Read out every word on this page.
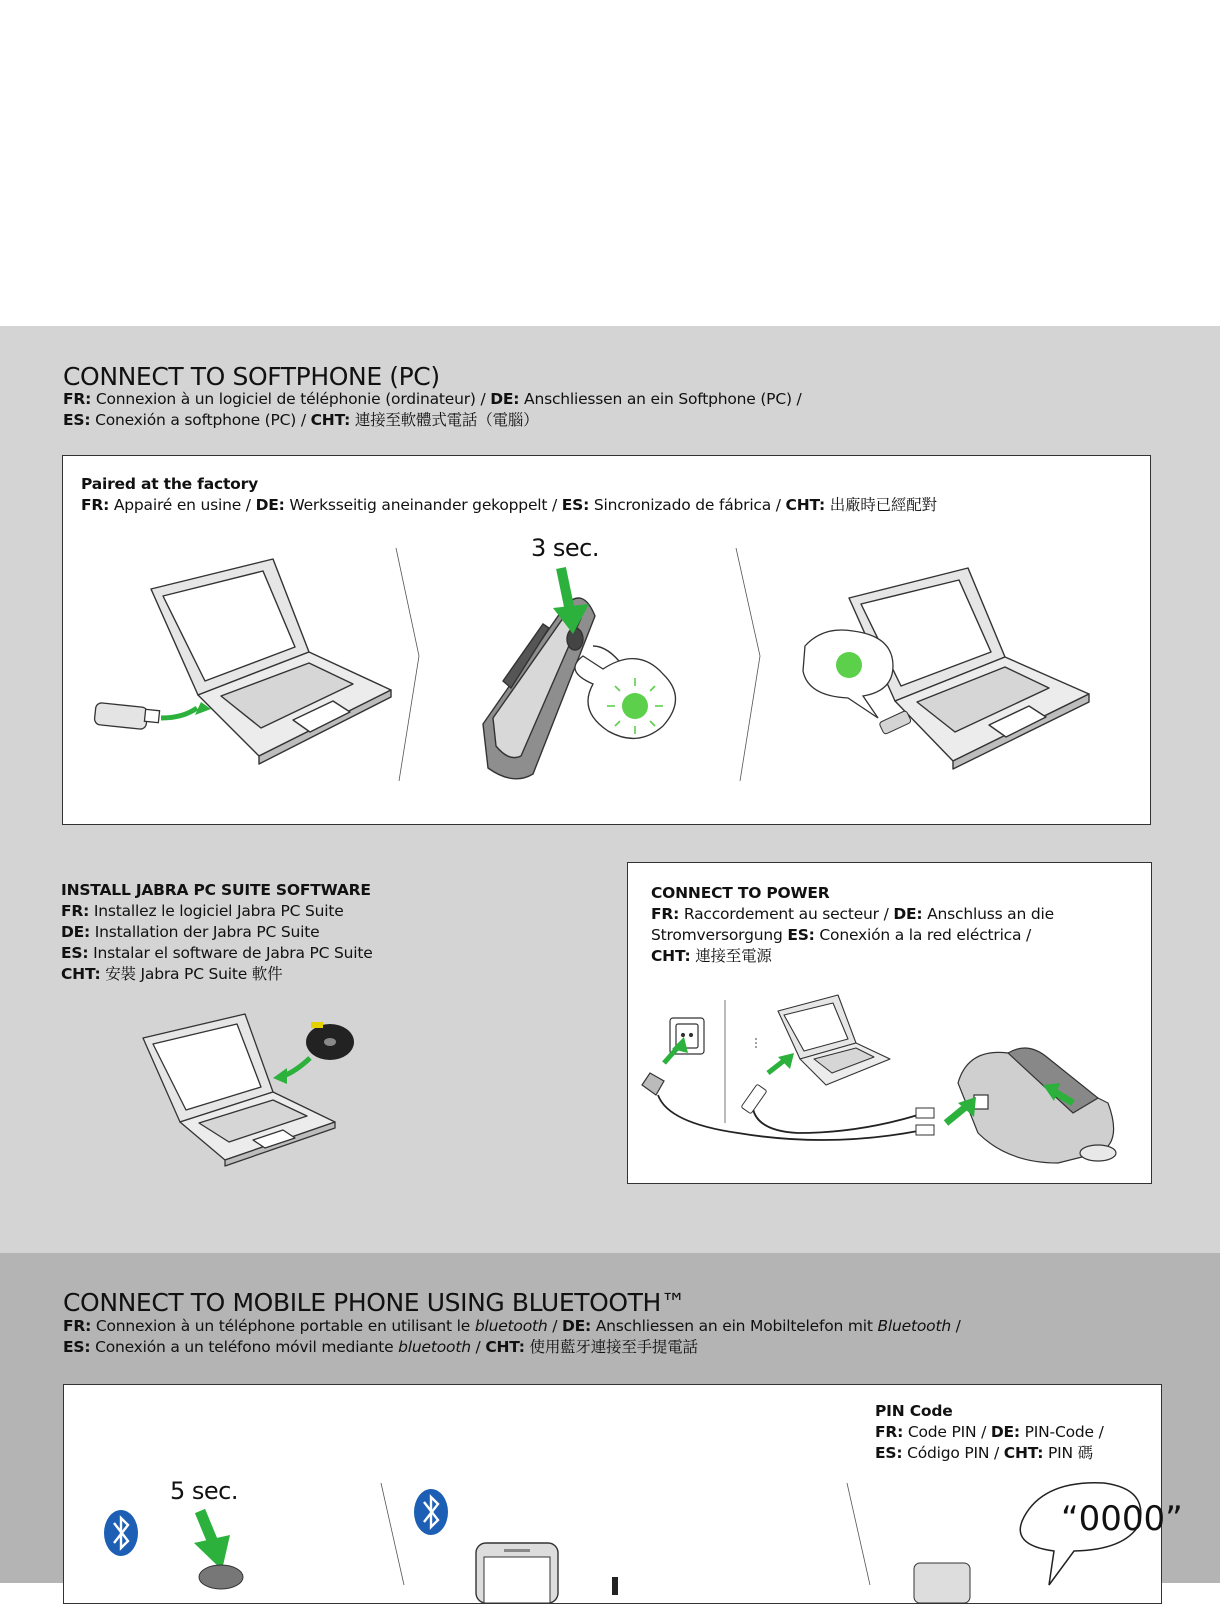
CONNECT TO SOFTPHONE (PC)
FR: Connexion à un logiciel de téléphonie (ordinateur) / DE: Anschliessen an ein Softphone (PC) /
ES: Conexión a softphone (PC) / CHT: 連接至軟體式電話（電腦）
Paired at the factory
FR: Appairé en usine / DE: Werksseitig aneinander gekoppelt / ES: Sincronizado de fábrica / CHT: 出廠時已經配對
3 sec.
INSTALL JABRA PC SUITE SOFTWARE
FR: Installez le logiciel Jabra PC Suite
DE: Installation der Jabra PC Suite
ES: Instalar el software de Jabra PC Suite
CHT: 安裝 Jabra PC Suite 軟件
CONNECT TO POWER
FR: Raccordement au secteur / DE: Anschluss an die
Stromversorgung ES: Conexión a la red eléctrica /
CHT: 連接至電源
CONNECT TO MOBILE PHONE USING BLUETOOTH™
FR: Connexion à un téléphone portable en utilisant le bluetooth / DE: Anschliessen an ein Mobiltelefon mit Bluetooth /
ES: Conexión a un teléfono móvil mediante bluetooth / CHT: 使用藍牙連接至手提電話
PIN Code
FR: Code PIN / DE: PIN-Code /
ES: Código PIN / CHT: PIN 碼
5 sec.
“0000”
